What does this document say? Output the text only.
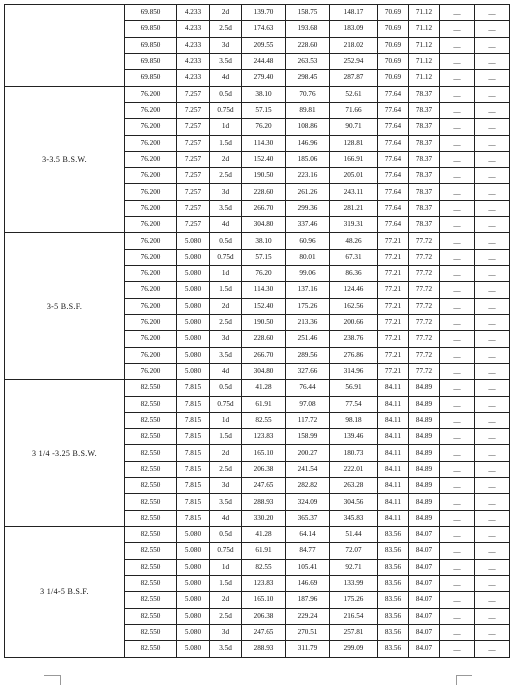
	69.850	4.233	2d	139.70	158.75	148.17	70.69	71.12	__	__
	69.850	4.233	2.5d	174.63	193.68	183.09	70.69	71.12	__	__
	69.850	4.233	3d	209.55	228.60	218.02	70.69	71.12	__	__
	69.850	4.233	3.5d	244.48	263.53	252.94	70.69	71.12	__	__
	69.850	4.233	4d	279.40	298.45	287.87	70.69	71.12	__	__
3-3.5 B.S.W.	76.200	7.257	0.5d	38.10	70.76	52.61	77.64	78.37	__	__
	76.200	7.257	0.75d	57.15	89.81	71.66	77.64	78.37	__	__
	76.200	7.257	1d	76.20	108.86	90.71	77.64	78.37	__	__
	76.200	7.257	1.5d	114.30	146.96	128.81	77.64	78.37	__	__
	76.200	7.257	2d	152.40	185.06	166.91	77.64	78.37	__	__
	76.200	7.257	2.5d	190.50	223.16	205.01	77.64	78.37	__	__
	76.200	7.257	3d	228.60	261.26	243.11	77.64	78.37	__	__
	76.200	7.257	3.5d	266.70	299.36	281.21	77.64	78.37	__	__
	76.200	7.257	4d	304.80	337.46	319.31	77.64	78.37	__	__
3-5 B.S.F.	76.200	5.080	0.5d	38.10	60.96	48.26	77.21	77.72	__	__
	76.200	5.080	0.75d	57.15	80.01	67.31	77.21	77.72	__	__
	76.200	5.080	1d	76.20	99.06	86.36	77.21	77.72	__	__
	76.200	5.080	1.5d	114.30	137.16	124.46	77.21	77.72	__	__
	76.200	5.080	2d	152.40	175.26	162.56	77.21	77.72	__	__
	76.200	5.080	2.5d	190.50	213.36	200.66	77.21	77.72	__	__
	76.200	5.080	3d	228.60	251.46	238.76	77.21	77.72	__	__
	76.200	5.080	3.5d	266.70	289.56	276.86	77.21	77.72	__	__
	76.200	5.080	4d	304.80	327.66	314.96	77.21	77.72	__	__
3 1/4 -3.25 B.S.W.	82.550	7.815	0.5d	41.28	76.44	56.91	84.11	84.89	__	__
	82.550	7.815	0.75d	61.91	97.08	77.54	84.11	84.89	__	__
	82.550	7.815	1d	82.55	117.72	98.18	84.11	84.89	__	__
	82.550	7.815	1.5d	123.83	158.99	139.46	84.11	84.89	__	__
	82.550	7.815	2d	165.10	200.27	180.73	84.11	84.89	__	__
	82.550	7.815	2.5d	206.38	241.54	222.01	84.11	84.89	__	__
	82.550	7.815	3d	247.65	282.82	263.28	84.11	84.89	__	__
	82.550	7.815	3.5d	288.93	324.09	304.56	84.11	84.89	__	__
	82.550	7.815	4d	330.20	365.37	345.83	84.11	84.89	__	__
3 1/4-5 B.S.F.	82.550	5.080	0.5d	41.28	64.14	51.44	83.56	84.07	__	__
	82.550	5.080	0.75d	61.91	84.77	72.07	83.56	84.07	__	__
	82.550	5.080	1d	82.55	105.41	92.71	83.56	84.07	__	__
	82.550	5.080	1.5d	123.83	146.69	133.99	83.56	84.07	__	__
	82.550	5.080	2d	165.10	187.96	175.26	83.56	84.07	__	__
	82.550	5.080	2.5d	206.38	229.24	216.54	83.56	84.07	__	__
	82.550	5.080	3d	247.65	270.51	257.81	83.56	84.07	__	__
	82.550	5.080	3.5d	288.93	311.79	299.09	83.56	84.07	__	__
